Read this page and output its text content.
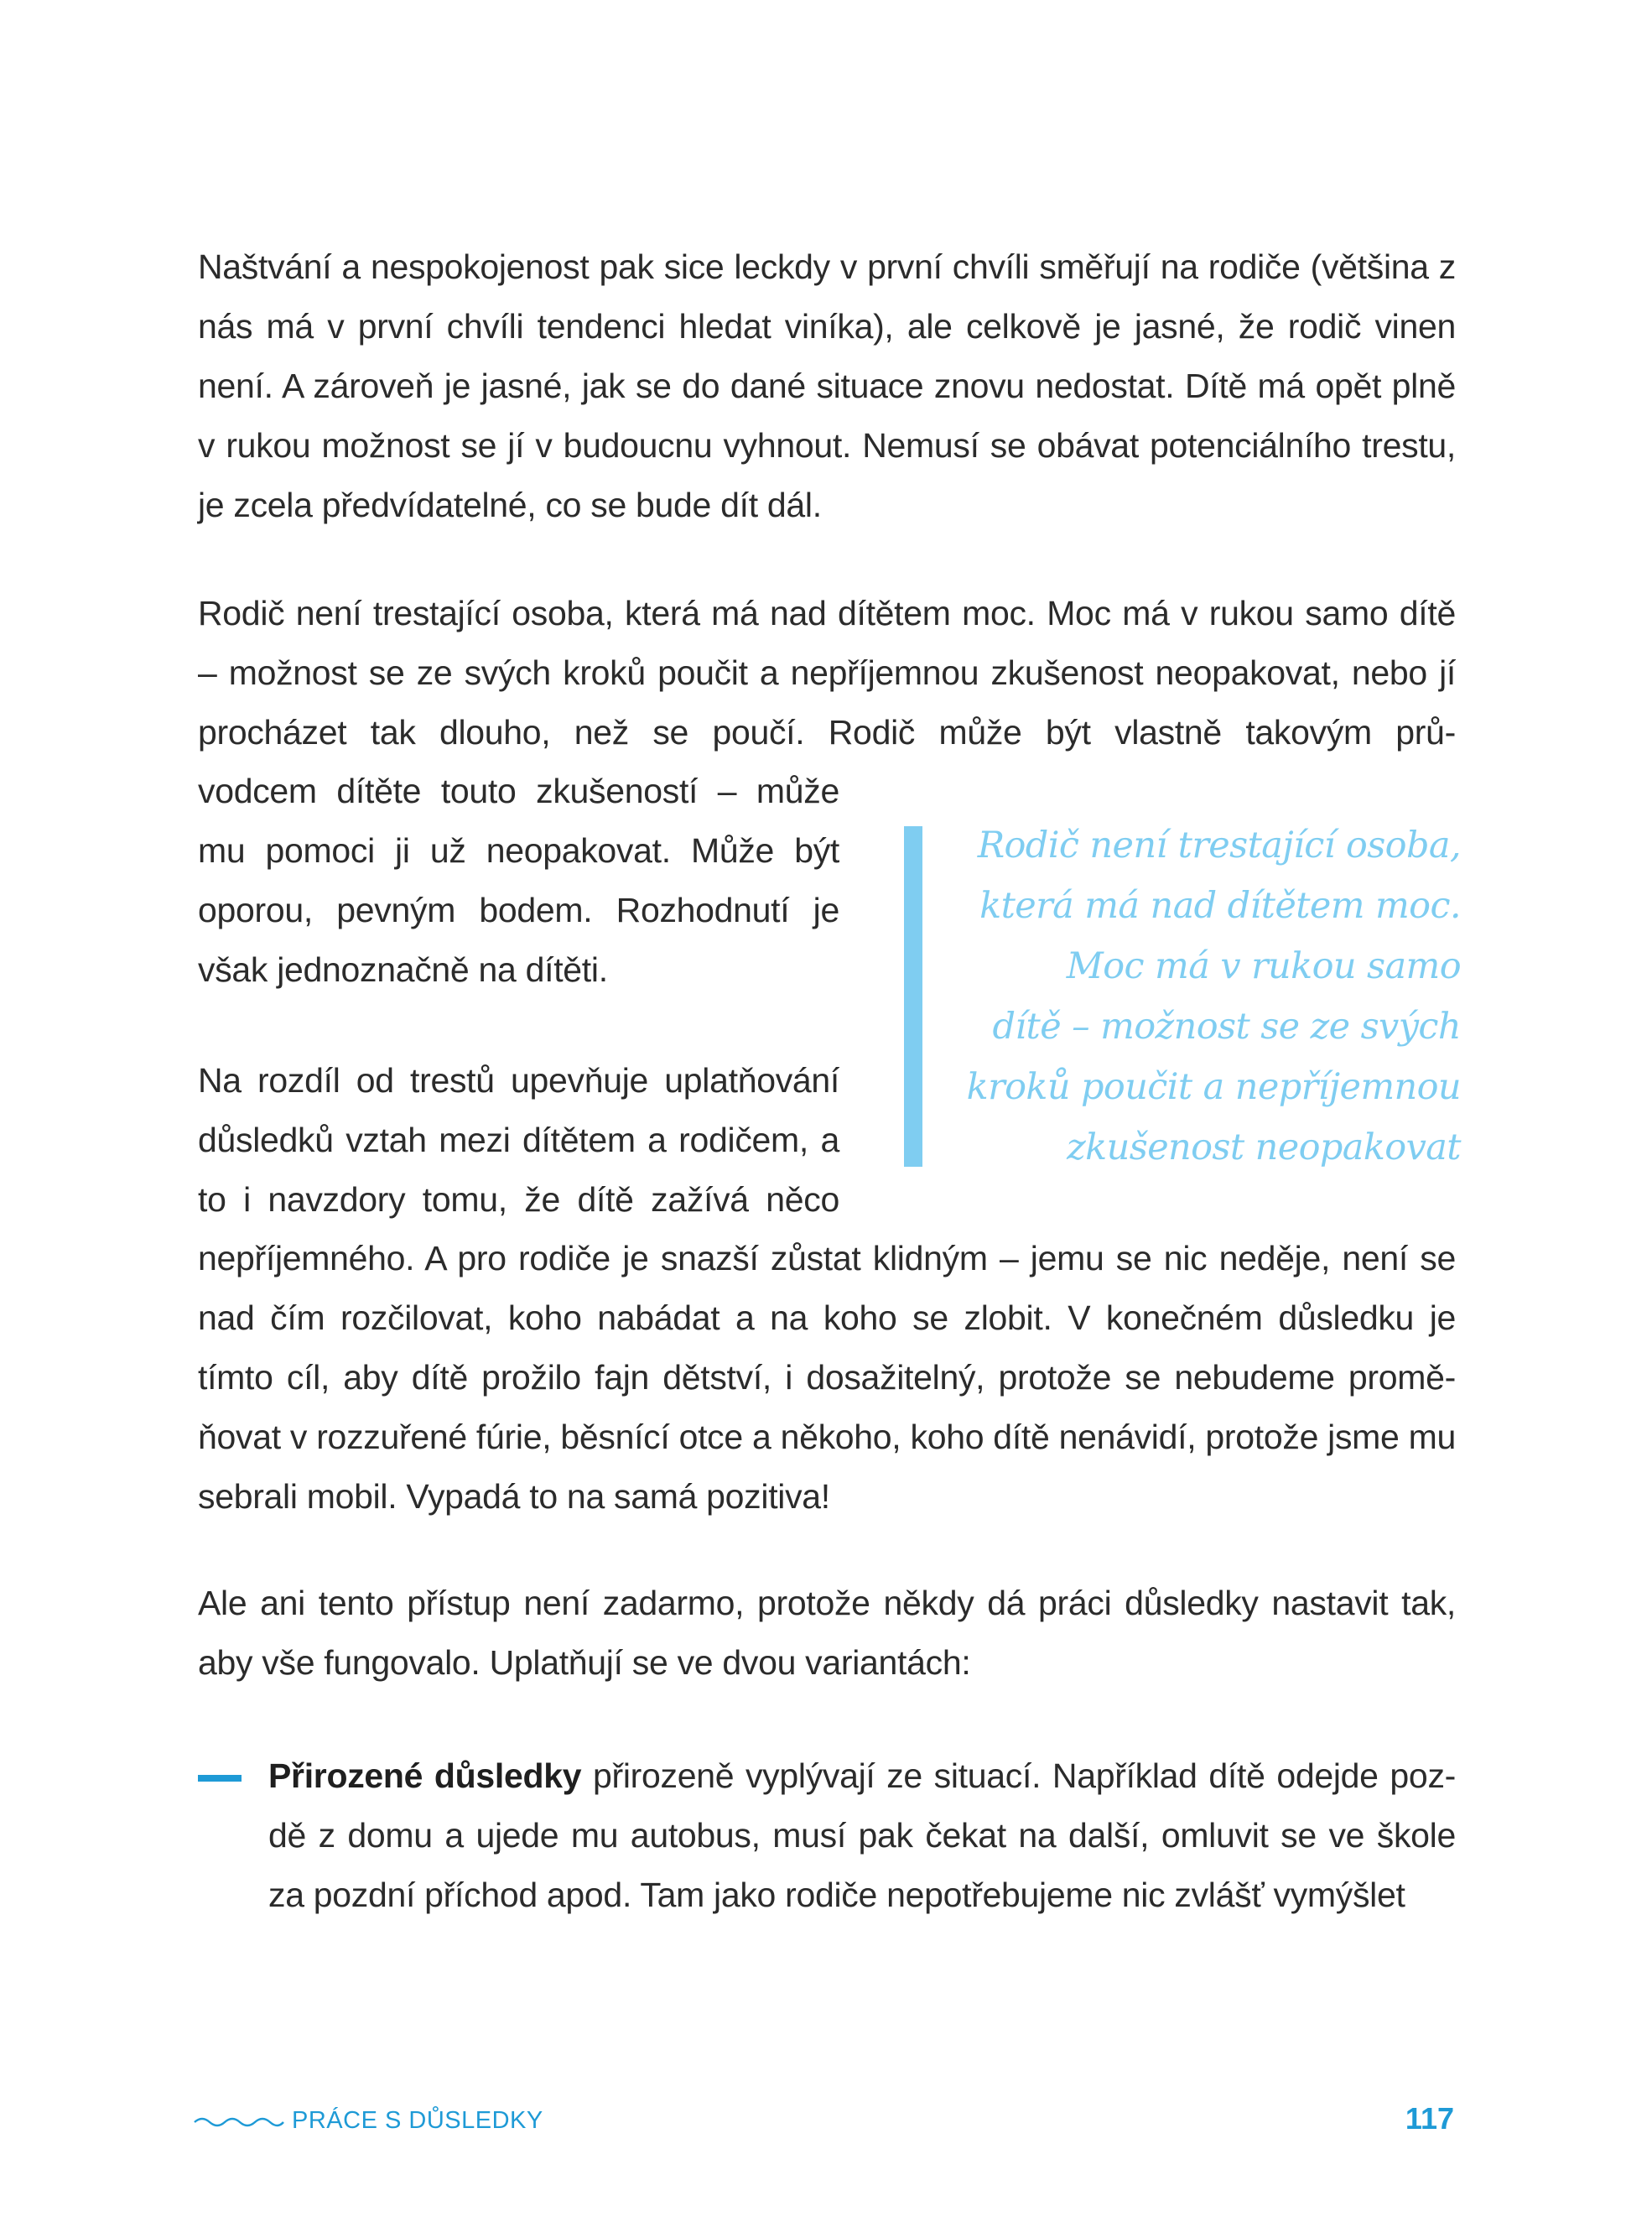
Naštvání a nespokojenost pak sice leckdy v první chvíli směřují na rodiče (většina z nás má v první chvíli tendenci hledat viníka), ale celkově je jasné, že rodič vinen není. A zároveň je jasné, jak se do dané situace znovu nedostat. Dítě má opět plně v rukou možnost se jí v budoucnu vyhnout. Nemusí se obávat potenciálního trestu, je zcela předvídatelné, co se bude dít dál.

Rodič není trestající osoba, která má nad dítětem moc. Moc má v rukou samo dítě – možnost se ze svých kroků poučit a nepříjemnou zkušenost neopakovat, nebo jí procházet tak dlouho, než se poučí. Rodič může být vlastně takovým prů-

vodcem dítěte touto zkušeností – může mu pomoci ji už neopakovat. Může být oporou, pevným bodem. Rozhodnutí je však jednoznačně na dítěti.

Na rozdíl od trestů upevňuje uplatňování důsledků vztah mezi dítětem a rodičem, a to i navzdory tomu, že dítě zažívá něco

nepříjemného. A pro rodiče je snazší zůstat klidným – jemu se nic neděje, není se nad čím rozčilovat, koho nabádat a na koho se zlobit. V konečném důsledku je tímto cíl, aby dítě prožilo fajn dětství, i dosažitelný, protože se nebudeme promě-ňovat v rozzuřené fúrie, běsnící otce a někoho, koho dítě nenávidí, protože jsme mu sebrali mobil. Vypadá to na samá pozitiva!

Ale ani tento přístup není zadarmo, protože někdy dá práci důsledky nastavit tak, aby vše fungovalo. Uplatňují se ve dvou variantách:

Přirozené důsledky přirozeně vyplývají ze situací. Například dítě odejde poz-dě z domu a ujede mu autobus, musí pak čekat na další, omluvit se ve škole za pozdní příchod apod. Tam jako rodiče nepotřebujeme nic zvlášť vymýšlet

Rodič není trestající osoba,
která má nad dítětem moc.
Moc má v rukou samo
dítě – možnost se ze svých
kroků poučit a nepříjemnou
zkušenost neopakovat
PRÁCE S DŮSLEDKY	117
